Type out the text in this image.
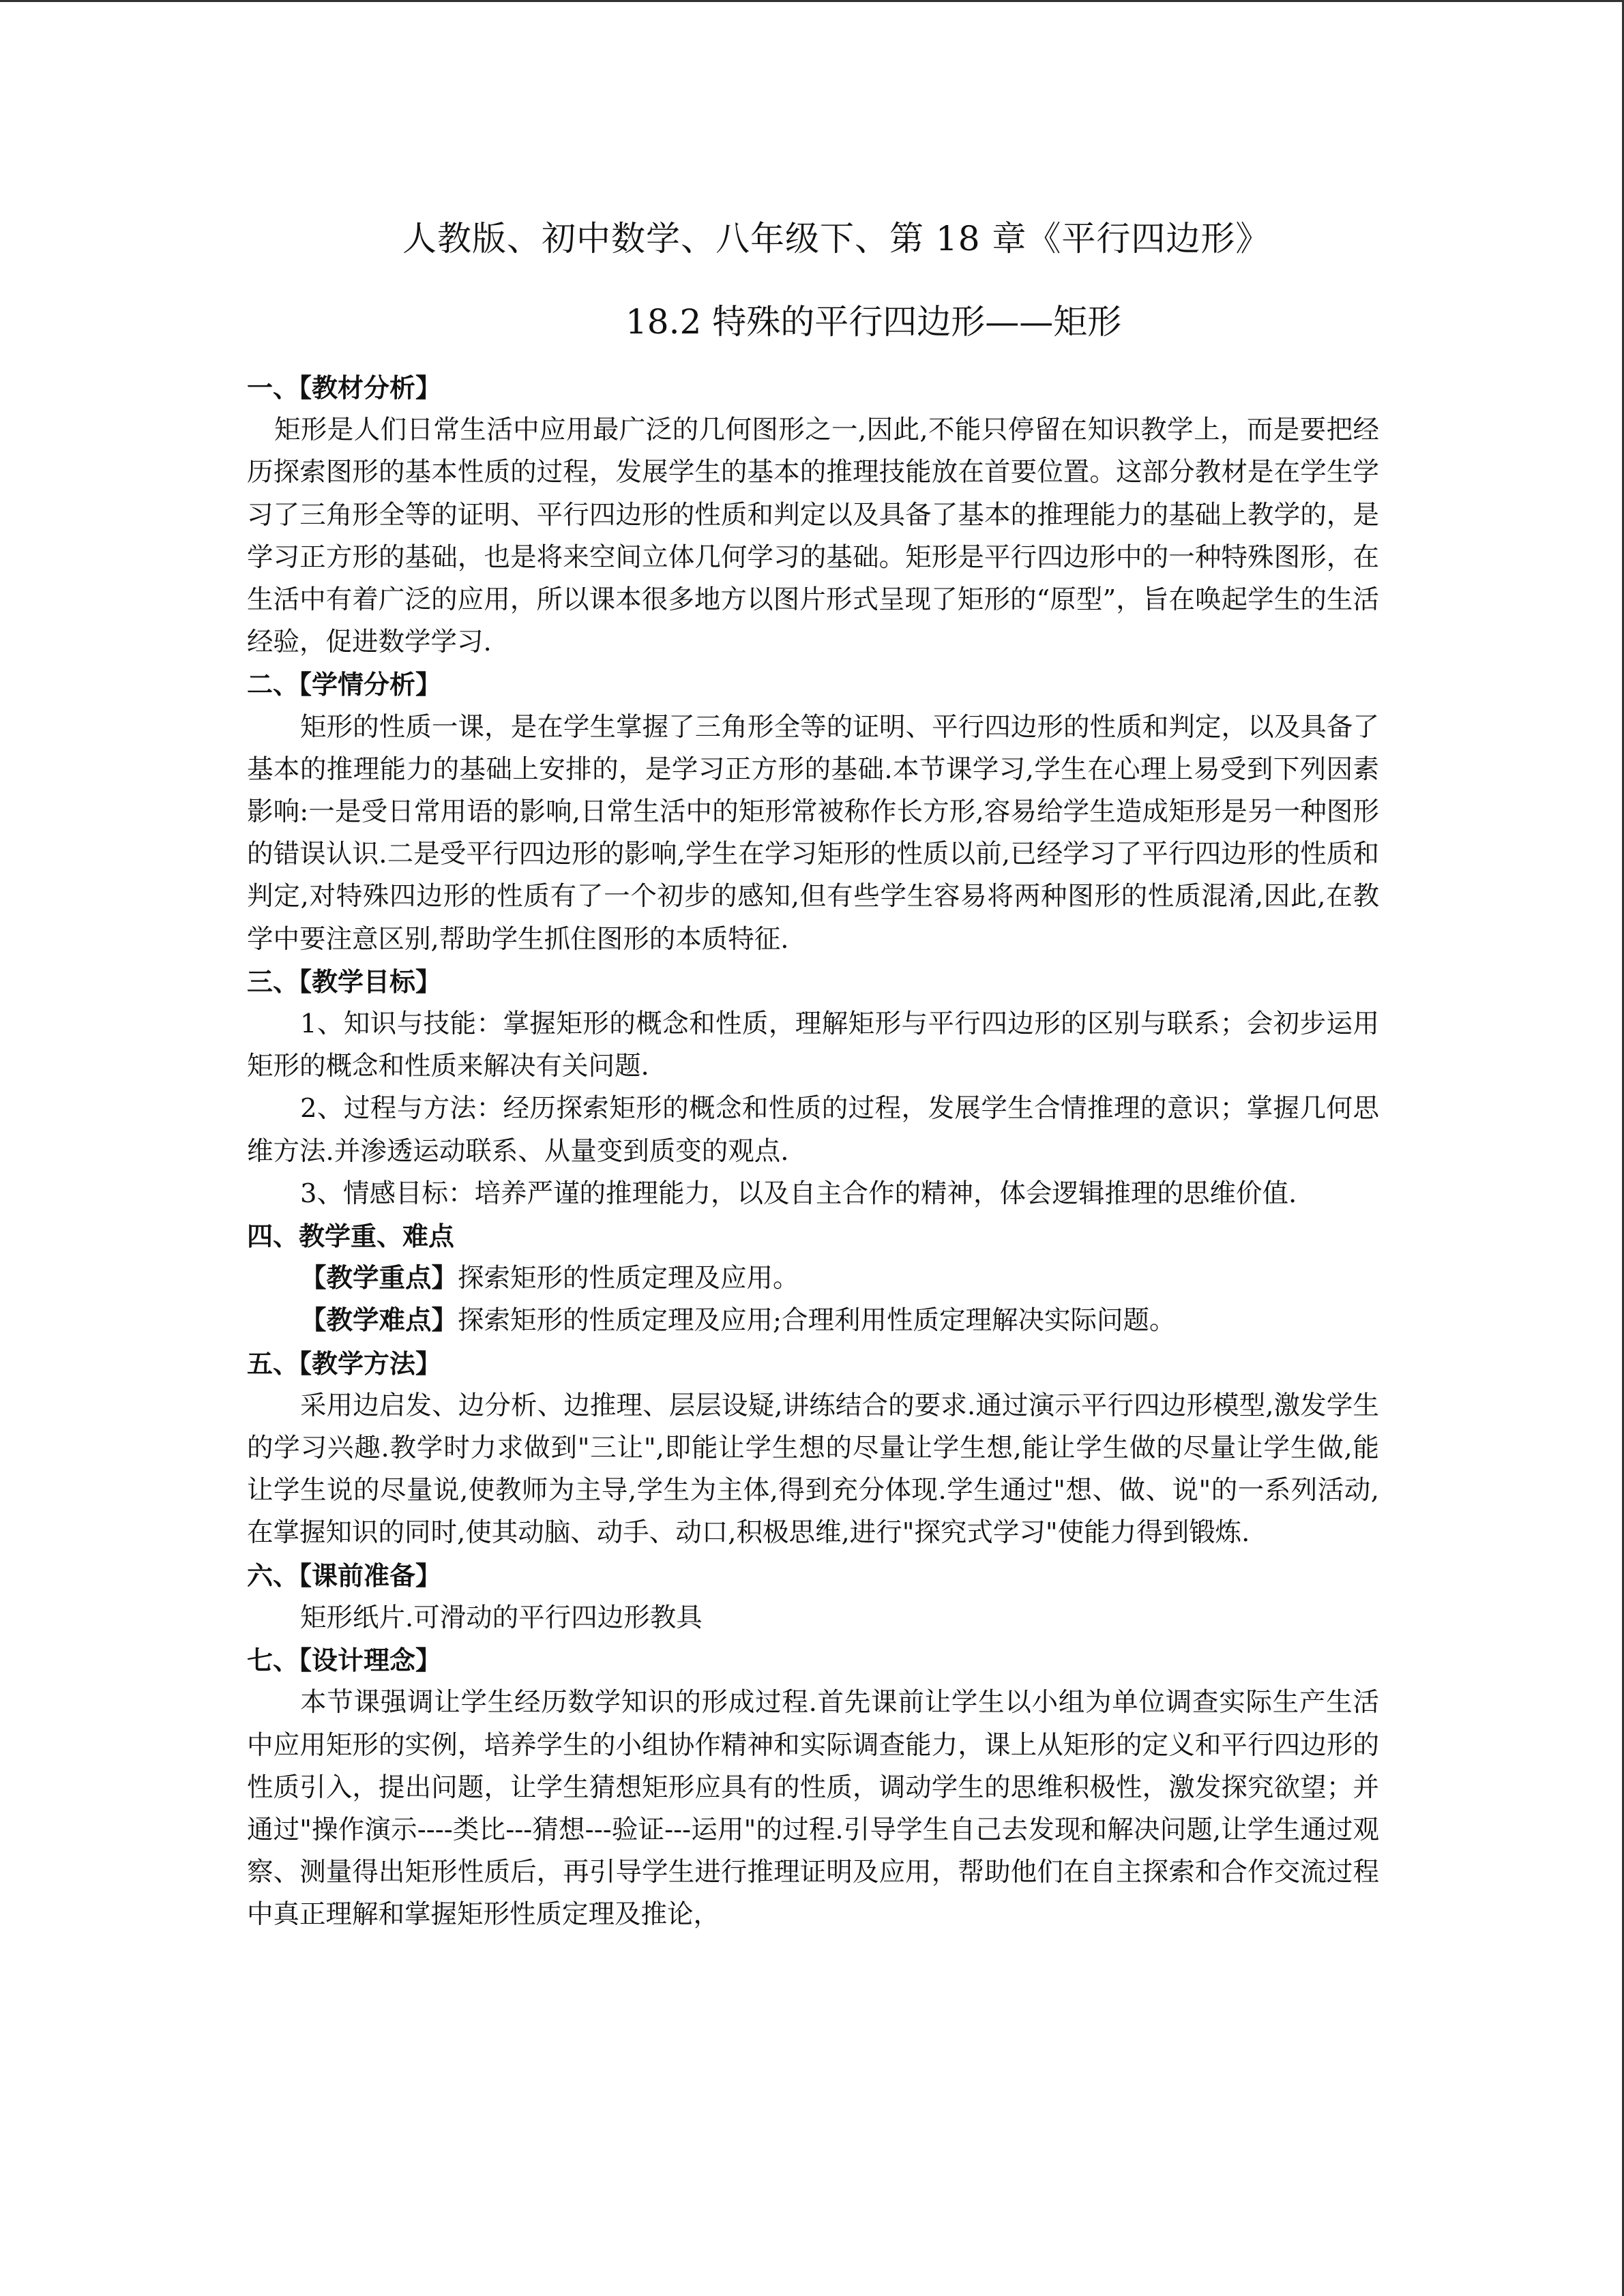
人教版、初中数学、八年级下、第 18 章《平行四边形》
18.2 特殊的平行四边形——矩形

一、【教材分析】

矩形是人们日常生活中应用最广泛的几何图形之一,因此,不能只停留在知识教学上，而是要把经历探索图形的基本性质的过程，发展学生的基本的推理技能放在首要位置。这部分教材是在学生学习了三角形全等的证明、平行四边形的性质和判定以及具备了基本的推理能力的基础上教学的，是学习正方形的基础，也是将来空间立体几何学习的基础。矩形是平行四边形中的一种特殊图形，在生活中有着广泛的应用，所以课本很多地方以图片形式呈现了矩形的“原型”，旨在唤起学生的生活经验，促进数学学习.

二、【学情分析】

矩形的性质一课，是在学生掌握了三角形全等的证明、平行四边形的性质和判定，以及具备了基本的推理能力的基础上安排的，是学习正方形的基础.本节课学习,学生在心理上易受到下列因素影响:一是受日常用语的影响,日常生活中的矩形常被称作长方形,容易给学生造成矩形是另一种图形的错误认识.二是受平行四边形的影响,学生在学习矩形的性质以前,已经学习了平行四边形的性质和判定,对特殊四边形的性质有了一个初步的感知,但有些学生容易将两种图形的性质混淆,因此,在教学中要注意区别,帮助学生抓住图形的本质特征.

三、【教学目标】

1、知识与技能：掌握矩形的概念和性质，理解矩形与平行四边形的区别与联系；会初步运用矩形的概念和性质来解决有关问题.

2、过程与方法：经历探索矩形的概念和性质的过程，发展学生合情推理的意识；掌握几何思维方法.并渗透运动联系、从量变到质变的观点.

3、情感目标：培养严谨的推理能力，以及自主合作的精神，体会逻辑推理的思维价值.

四、教学重、难点

【教学重点】探索矩形的性质定理及应用。

【教学难点】探索矩形的性质定理及应用;合理利用性质定理解决实际问题。

五、【教学方法】

采用边启发、边分析、边推理、层层设疑,讲练结合的要求.通过演示平行四边形模型,激发学生的学习兴趣.教学时力求做到"三让",即能让学生想的尽量让学生想,能让学生做的尽量让学生做,能让学生说的尽量说,使教师为主导,学生为主体,得到充分体现.学生通过"想、做、说"的一系列活动,在掌握知识的同时,使其动脑、动手、动口,积极思维,进行"探究式学习"使能力得到锻炼.

六、【课前准备】

矩形纸片.可滑动的平行四边形教具

七、【设计理念】

本节课强调让学生经历数学知识的形成过程.首先课前让学生以小组为单位调查实际生产生活中应用矩形的实例，培养学生的小组协作精神和实际调查能力，课上从矩形的定义和平行四边形的性质引入，提出问题，让学生猜想矩形应具有的性质，调动学生的思维积极性，激发探究欲望；并通过"操作演示----类比---猜想---验证---运用"的过程.引导学生自己去发现和解决问题,让学生通过观察、测量得出矩形性质后，再引导学生进行推理证明及应用，帮助他们在自主探索和合作交流过程中真正理解和掌握矩形性质定理及推论，
